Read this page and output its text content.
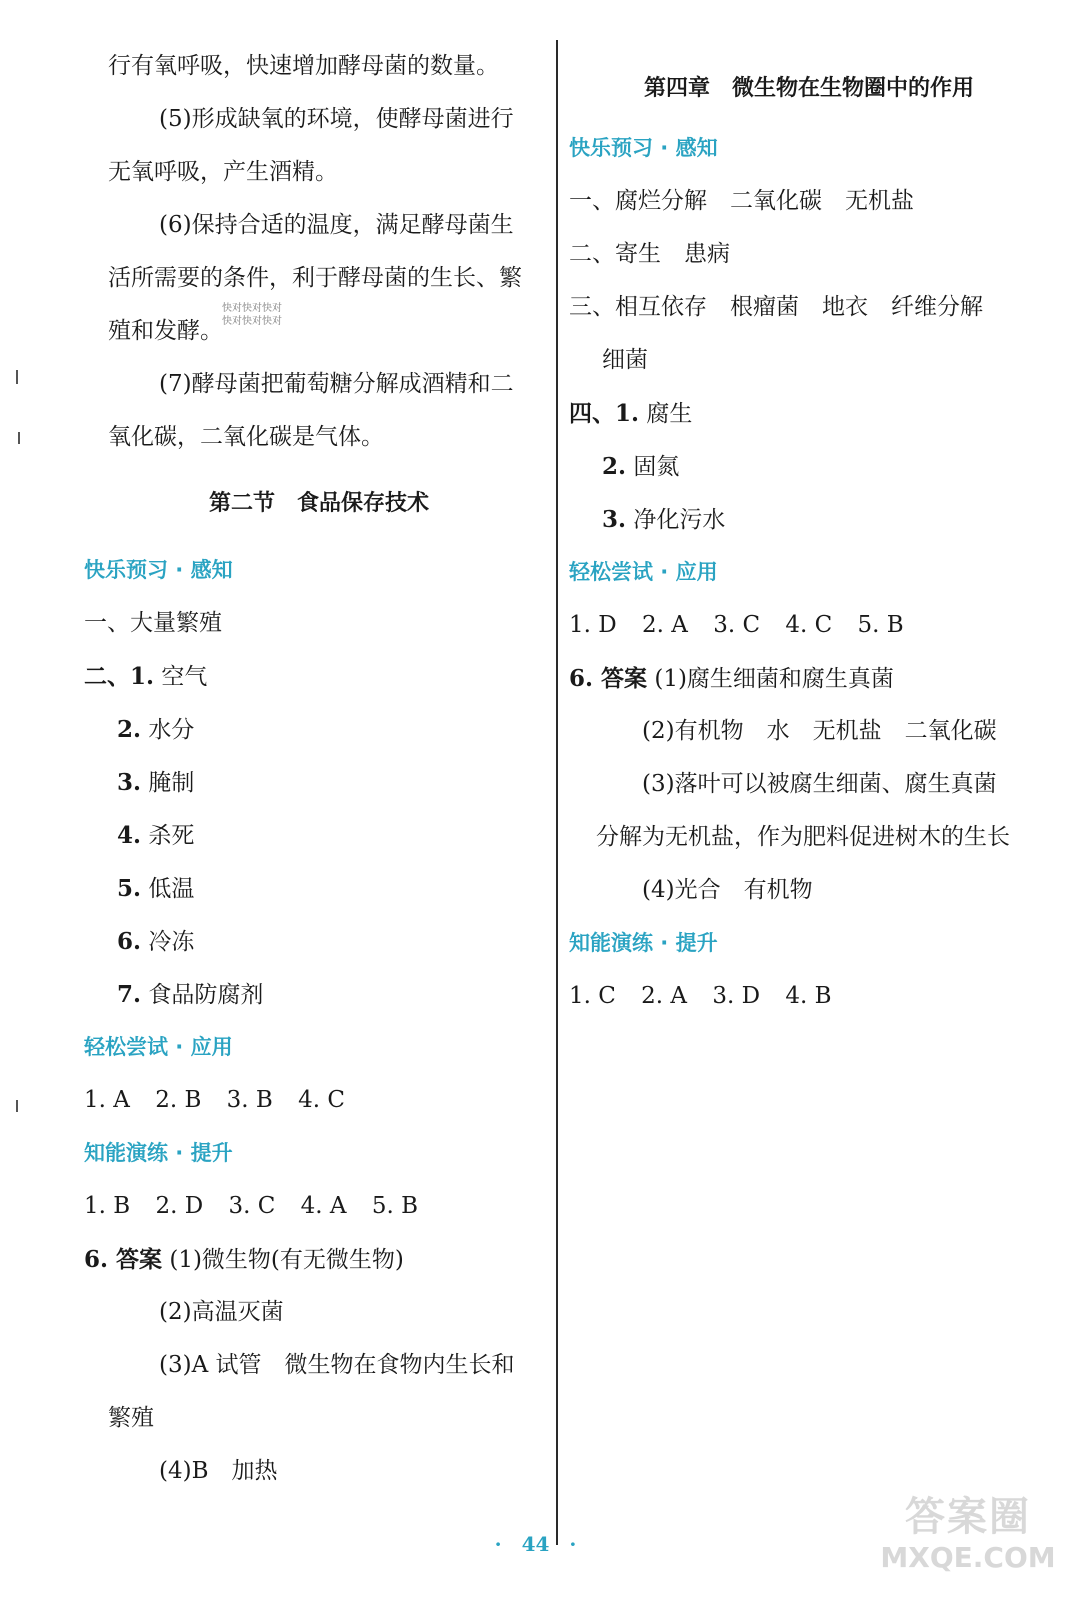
行有氧呼吸，快速增加酵母菌的数量。
(5)形成缺氧的环境，使酵母菌进行
无氧呼吸，产生酒精。
(6)保持合适的温度，满足酵母菌生
活所需要的条件，利于酵母菌的生长、繁
殖和发酵。
(7)酵母菌把葡萄糖分解成酒精和二
氧化碳，二氧化碳是气体。
第二节　食品保存技术
快乐预习 · 感知
一、大量繁殖
二、1. 空气
2. 水分
3. 腌制
4. 杀死
5. 低温
6. 冷冻
7. 食品防腐剂
轻松尝试 · 应用
1. A 2. B 3. B 4. C
知能演练 · 提升
1. B 2. D 3. C 4. A 5. B
6. 答案 (1)微生物(有无微生物)
(2)高温灭菌
(3)A 试管　微生物在食物内生长和
繁殖
(4)B　加热
快对快对快对
快对快对快对
第四章　微生物在生物圈中的作用
快乐预习 · 感知
一、腐烂分解　二氧化碳　无机盐
二、寄生　患病
三、相互依存　根瘤菌　地衣　纤维分解
细菌
四、1. 腐生
2. 固氮
3. 净化污水
轻松尝试 · 应用
1. D 2. A 3. C 4. C 5. B
6. 答案 (1)腐生细菌和腐生真菌
(2)有机物　水　无机盐　二氧化碳
(3)落叶可以被腐生细菌、腐生真菌
分解为无机盐，作为肥料促进树木的生长
(4)光合　有机物
知能演练 · 提升
1. C 2. A 3. D 4. B
·　44　·
答案圈
MXQE.COM
